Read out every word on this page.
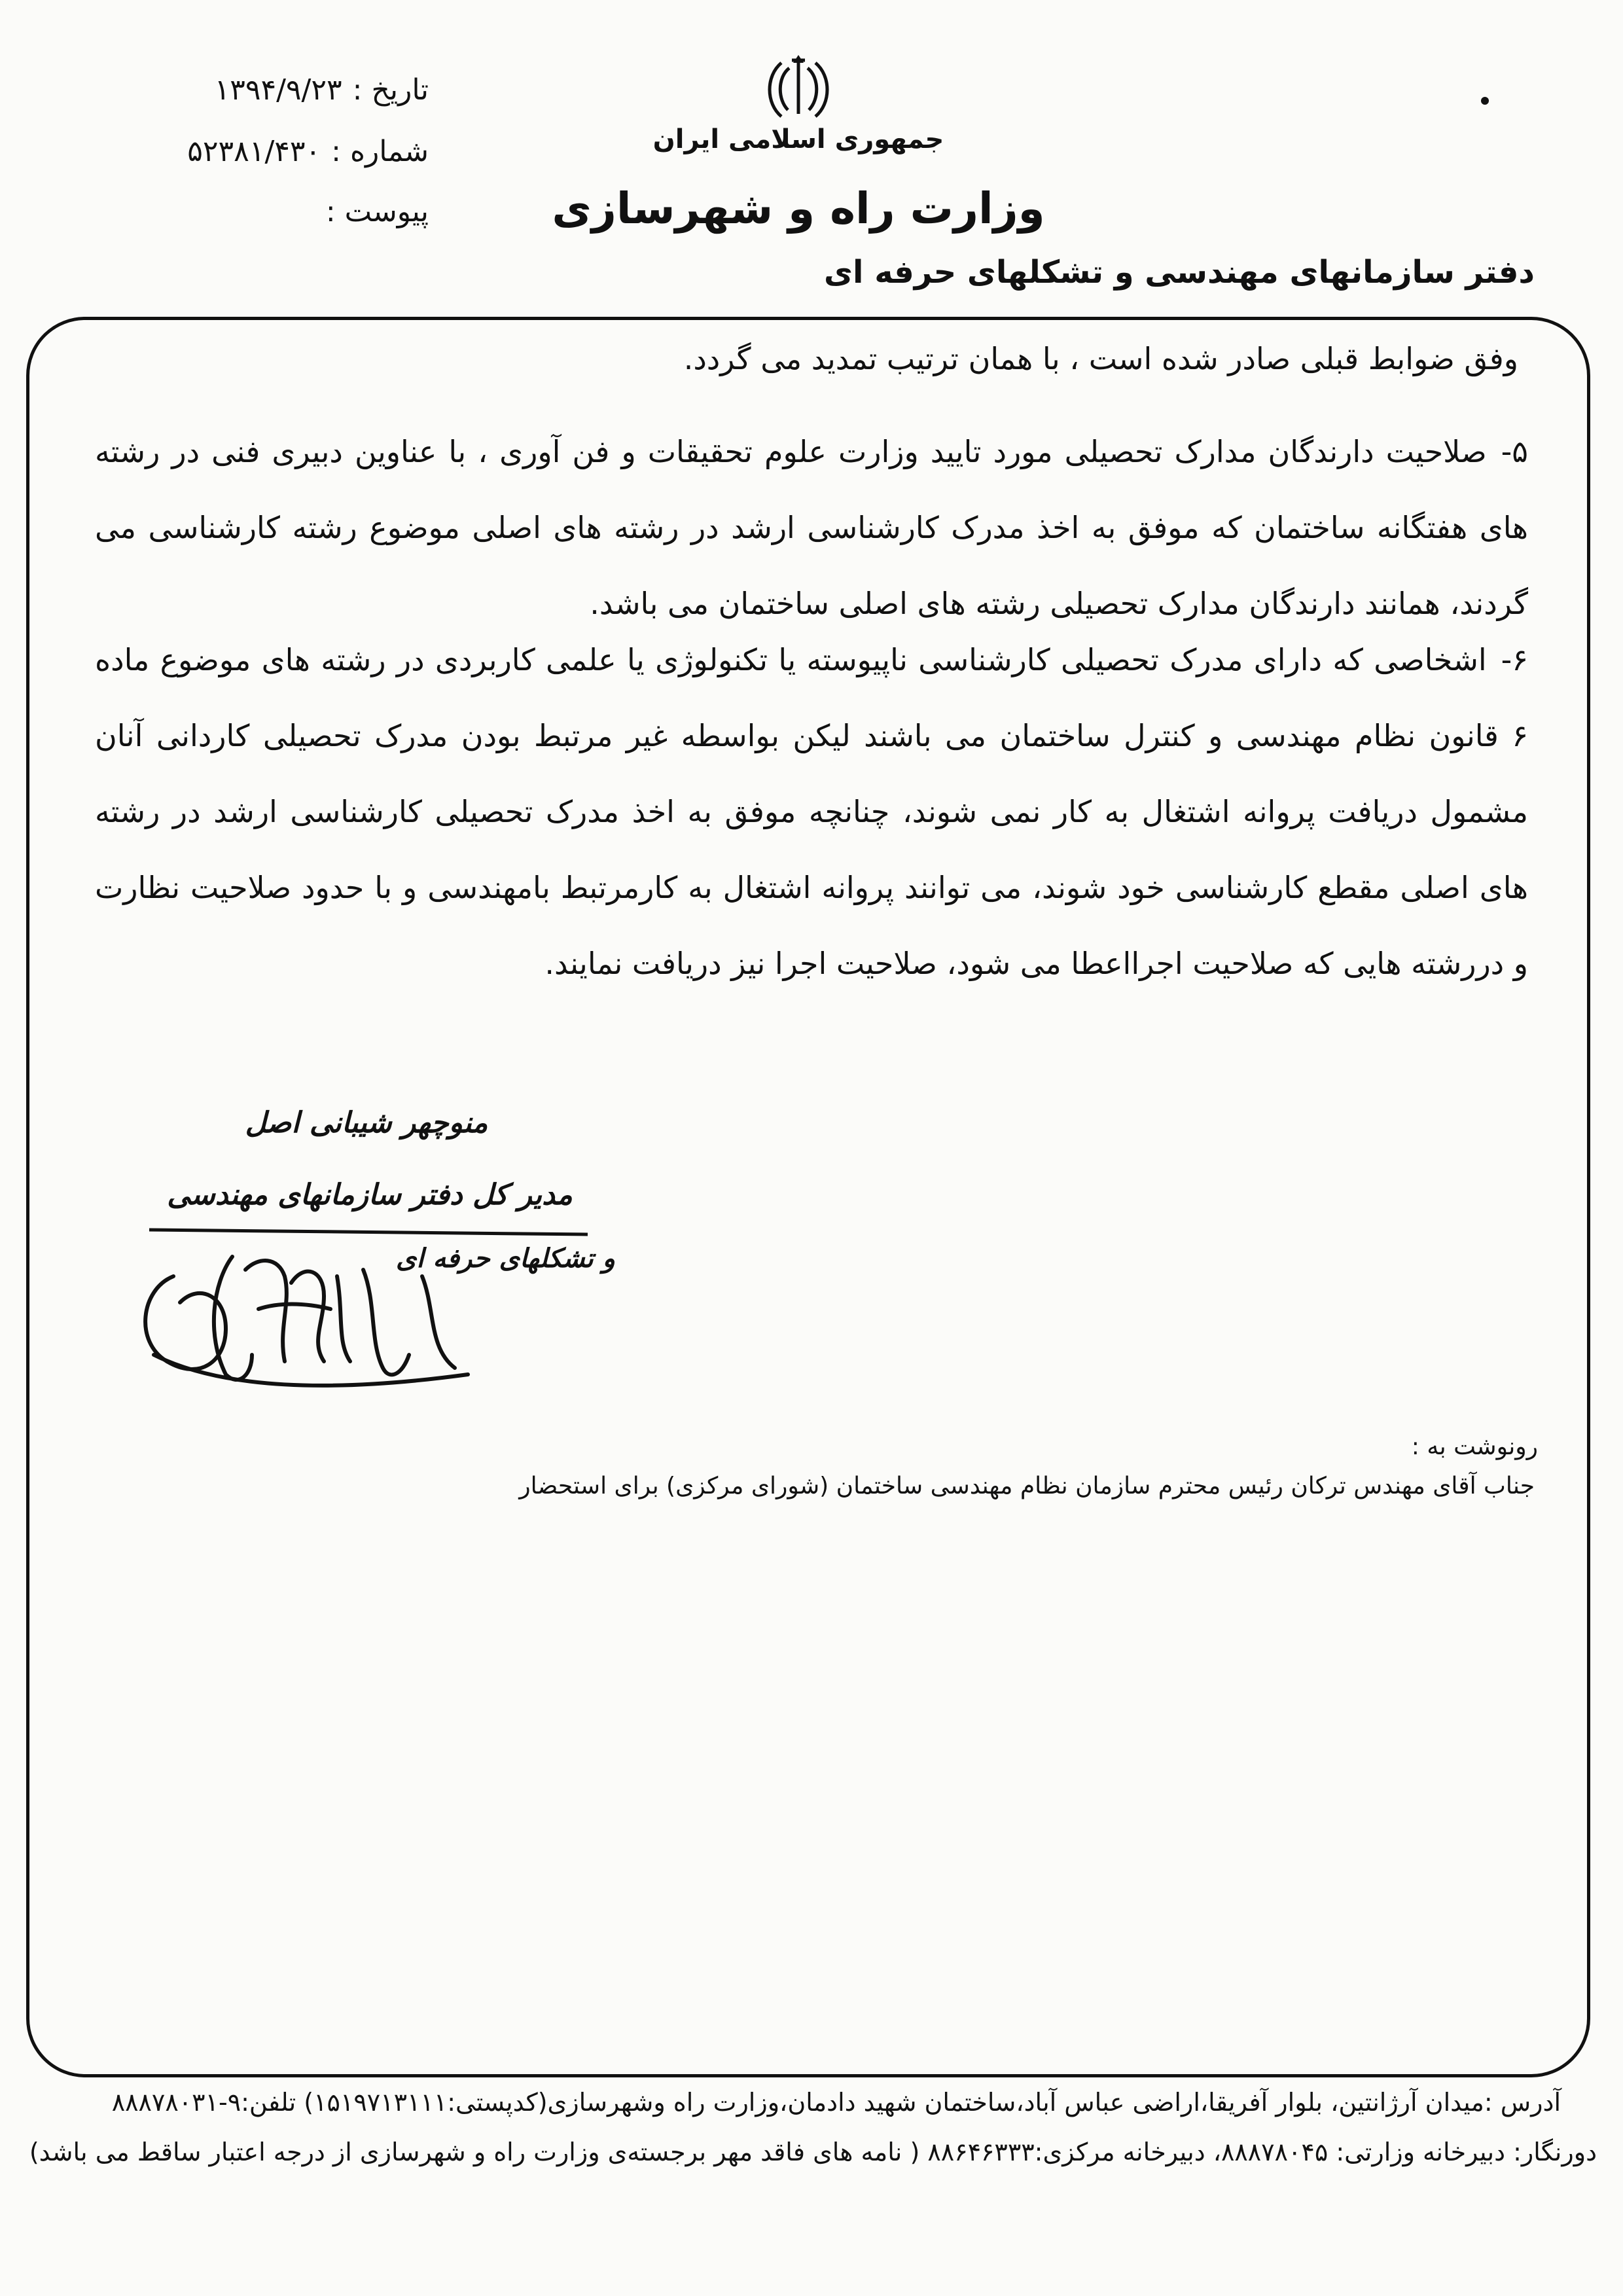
جمهوری اسلامی ایران
وزارت راه و شهرسازی
دفتر سازمانهای مهندسی و تشکلهای حرفه ای
تاریخ :
۱۳۹۴/۹/۲۳
شماره :
۵۲۳۸۱/۴۳۰
پیوست :
وفق ضوابط قبلی صادر شده است ، با همان ترتیب تمدید می گردد.
۵-صلاحیت دارندگان مدارک تحصیلی مورد تایید وزارت علوم تحقیقات و فن آوری ، با عناوین دبیری فنی در رشته های هفتگانه ساختمان که موفق به اخذ مدرک کارشناسی ارشد در رشته های اصلی موضوع رشته کارشناسی می گردند، همانند دارندگان مدارک تحصیلی رشته های اصلی ساختمان می باشد.
۶-اشخاصی که دارای مدرک تحصیلی کارشناسی ناپیوسته یا تکنولوژی یا علمی کاربردی در رشته های موضوع ماده ۶ قانون نظام مهندسی و کنترل ساختمان می باشند لیکن بواسطه غیر مرتبط بودن مدرک تحصیلی کاردانی آنان مشمول دریافت پروانه اشتغال به کار نمی شوند، چنانچه موفق به اخذ مدرک تحصیلی کارشناسی ارشد در رشته های اصلی مقطع کارشناسی خود شوند، می توانند پروانه اشتغال به کارمرتبط بامهندسی و با حدود صلاحیت نظارت و دررشته هایی که صلاحیت اجرااعطا می شود، صلاحیت اجرا نیز دریافت نمایند.
منوچهر شیبانی اصل
مدیر کل دفتر سازمانهای مهندسی
و تشکلهای حرفه ای
رونوشت به :
جناب آقای مهندس ترکان رئیس محترم سازمان نظام مهندسی ساختمان (شورای مرکزی) برای استحضار
آدرس :میدان آرژانتین، بلوار آفریقا،اراضی عباس آباد،ساختمان شهید دادمان،وزارت راه وشهرسازی(کدپستی:۱۵۱۹۷۱۳۱۱۱) تلفن:۹-۸۸۸۷۸۰۳۱
دورنگار: دبیرخانه وزارتی: ۸۸۸۷۸۰۴۵، دبیرخانه مرکزی:۸۸۶۴۶۳۳۳ ( نامه های فاقد مهر برجسته‌ی وزارت راه و شهرسازی از درجه اعتبار ساقط می باشد)
